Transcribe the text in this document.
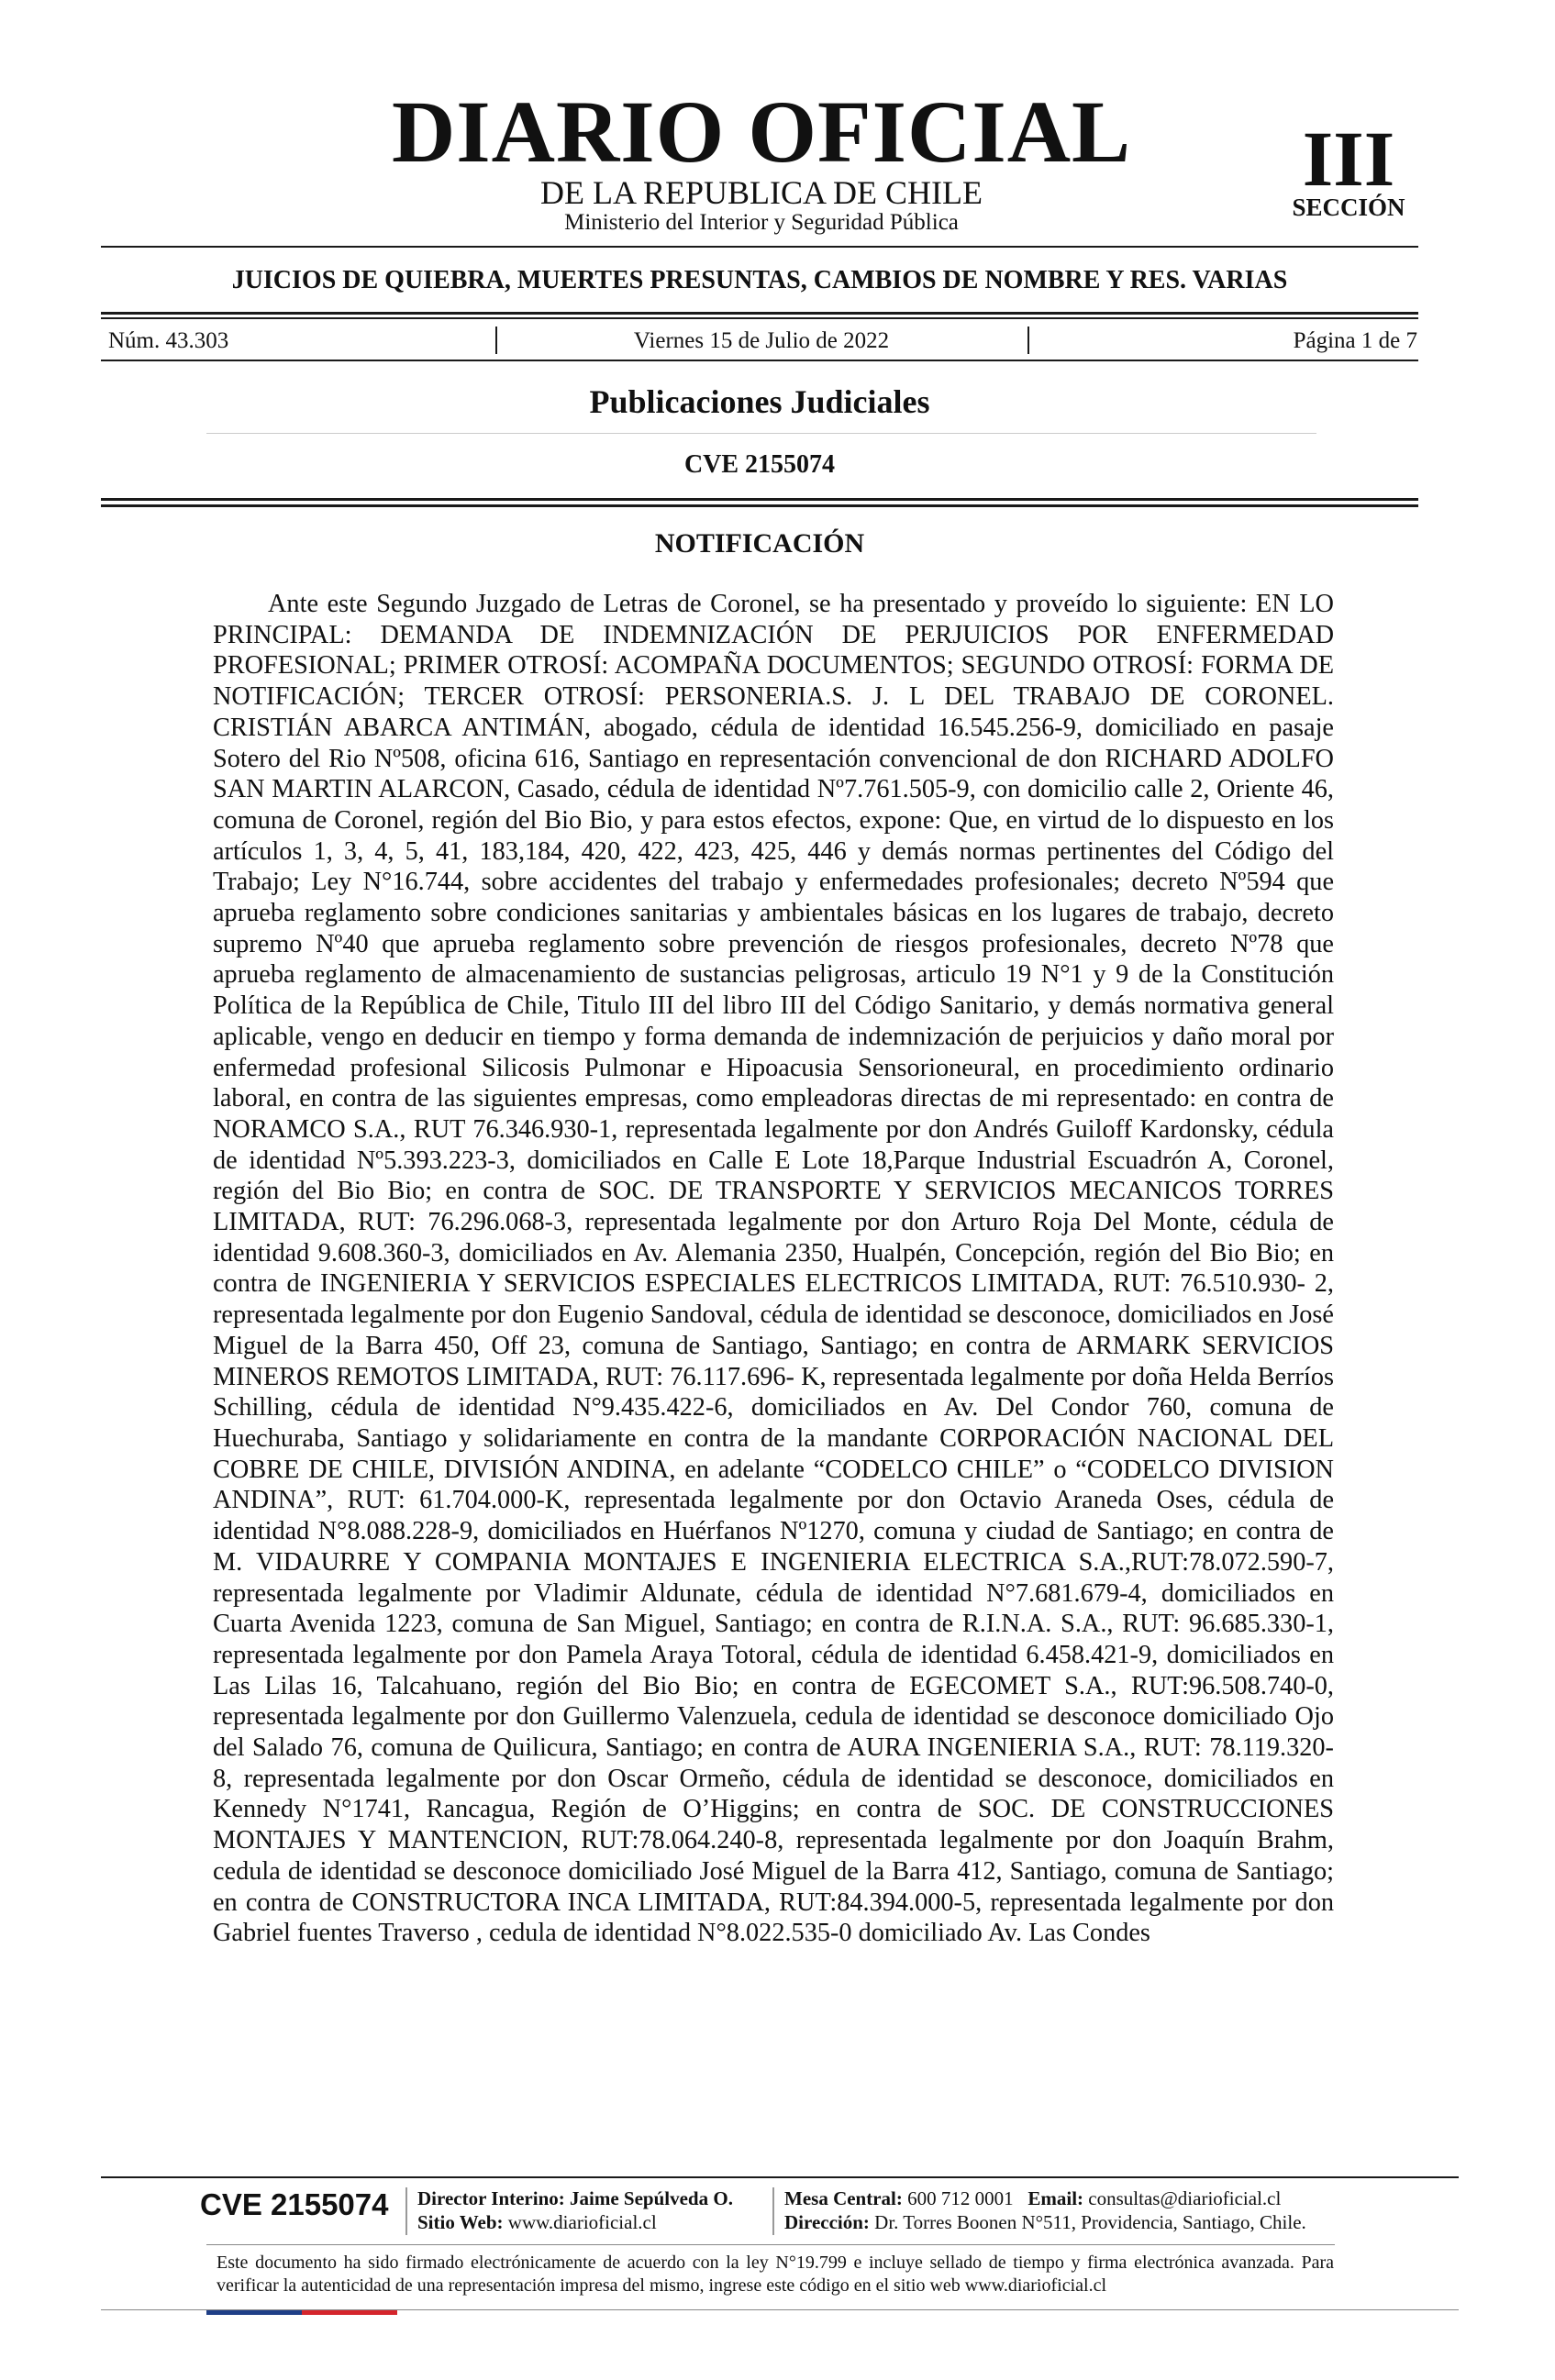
DIARIO OFICIAL
DE LA REPUBLICA DE CHILE
Ministerio del Interior y Seguridad Pública
III
SECCIÓN
JUICIOS DE QUIEBRA, MUERTES PRESUNTAS, CAMBIOS DE NOMBRE Y RES. VARIAS
Núm. 43.303	Viernes 15 de Julio de 2022	Página 1 de 7
Publicaciones Judiciales
CVE 2155074
NOTIFICACIÓN

Ante este Segundo Juzgado de Letras de Coronel, se ha presentado y proveído lo siguiente: EN LO PRINCIPAL: DEMANDA DE INDEMNIZACIÓN DE PERJUICIOS POR ENFERMEDAD PROFESIONAL; PRIMER OTROSÍ: ACOMPAÑA DOCUMENTOS; SEGUNDO OTROSÍ: FORMA DE NOTIFICACIÓN; TERCER OTROSÍ: PERSONERIA.S. J. L DEL TRABAJO DE CORONEL. CRISTIÁN ABARCA ANTIMÁN, abogado, cédula de identidad 16.545.256-9, domiciliado en pasaje Sotero del Rio Nº508, oficina 616, Santiago en representación convencional de don RICHARD ADOLFO SAN MARTIN ALARCON, Casado, cédula de identidad Nº7.761.505-9, con domicilio calle 2, Oriente 46, comuna de Coronel, región del Bio Bio, y para estos efectos, expone: Que, en virtud de lo dispuesto en los artículos 1, 3, 4, 5, 41, 183,184, 420, 422, 423, 425, 446 y demás normas pertinentes del Código del Trabajo; Ley N°16.744, sobre accidentes del trabajo y enfermedades profesionales; decreto Nº594 que aprueba reglamento sobre condiciones sanitarias y ambientales básicas en los lugares de trabajo, decreto supremo Nº40 que aprueba reglamento sobre prevención de riesgos profesionales, decreto Nº78 que aprueba reglamento de almacenamiento de sustancias peligrosas, articulo 19 N°1 y 9 de la Constitución Política de la República de Chile, Titulo III del libro III del Código Sanitario, y demás normativa general aplicable, vengo en deducir en tiempo y forma demanda de indemnización de perjuicios y daño moral por enfermedad profesional Silicosis Pulmonar e Hipoacusia Sensorioneural, en procedimiento ordinario laboral, en contra de las siguientes empresas, como empleadoras directas de mi representado: en contra de NORAMCO S.A., RUT 76.346.930-1, representada legalmente por don Andrés Guiloff Kardonsky, cédula de identidad Nº5.393.223-3, domiciliados en Calle E Lote 18,Parque Industrial Escuadrón A, Coronel, región del Bio Bio; en contra de SOC. DE TRANSPORTE Y SERVICIOS MECANICOS TORRES LIMITADA, RUT: 76.296.068-3, representada legalmente por don Arturo Roja Del Monte, cédula de identidad 9.608.360-3, domiciliados en Av. Alemania 2350, Hualpén, Concepción, región del Bio Bio; en contra de INGENIERIA Y SERVICIOS ESPECIALES ELECTRICOS LIMITADA, RUT: 76.510.930- 2, representada legalmente por don Eugenio Sandoval, cédula de identidad se desconoce, domiciliados en José Miguel de la Barra 450, Off 23, comuna de Santiago, Santiago; en contra de ARMARK SERVICIOS MINEROS REMOTOS LIMITADA, RUT: 76.117.696- K, representada legalmente por doña Helda Berríos Schilling, cédula de identidad N°9.435.422-6, domiciliados en Av. Del Condor 760, comuna de Huechuraba, Santiago y solidariamente en contra de la mandante CORPORACIÓN NACIONAL DEL COBRE DE CHILE, DIVISIÓN ANDINA, en adelante “CODELCO CHILE” o “CODELCO DIVISION ANDINA”, RUT: 61.704.000-K, representada legalmente por don Octavio Araneda Oses, cédula de identidad N°8.088.228-9, domiciliados en Huérfanos Nº1270, comuna y ciudad de Santiago; en contra de M. VIDAURRE Y COMPANIA MONTAJES E INGENIERIA ELECTRICA S.A.,RUT:78.072.590-7, representada legalmente por Vladimir Aldunate, cédula de identidad N°7.681.679-4, domiciliados en Cuarta Avenida 1223, comuna de San Miguel, Santiago; en contra de R.I.N.A. S.A., RUT: 96.685.330-1, representada legalmente por don Pamela Araya Totoral, cédula de identidad 6.458.421-9, domiciliados en Las Lilas 16, Talcahuano, región del Bio Bio; en contra de EGECOMET S.A., RUT:96.508.740-0, representada legalmente por don Guillermo Valenzuela, cedula de identidad se desconoce domiciliado Ojo del Salado 76, comuna de Quilicura, Santiago; en contra de AURA INGENIERIA S.A., RUT: 78.119.320-8, representada legalmente por don Oscar Ormeño, cédula de identidad se desconoce, domiciliados en Kennedy N°1741, Rancagua, Región de O’Higgins; en contra de SOC. DE CONSTRUCCIONES MONTAJES Y MANTENCION, RUT:78.064.240-8, representada legalmente por don Joaquín Brahm, cedula de identidad se desconoce domiciliado José Miguel de la Barra 412, Santiago, comuna de Santiago; en contra de CONSTRUCTORA INCA LIMITADA, RUT:84.394.000-5, representada legalmente por don Gabriel fuentes Traverso , cedula de identidad N°8.022.535-0 domiciliado Av. Las Condes

CVE 2155074 Director Interino: Jaime Sepúlveda O.
Sitio Web: www.diarioficial.cl
Mesa Central: 600 712 0001 Email: consultas@diarioficial.cl
Dirección: Dr. Torres Boonen N°511, Providencia, Santiago, Chile.
Este documento ha sido firmado electrónicamente de acuerdo con la ley N°19.799 e incluye sellado de tiempo y firma electrónica avanzada. Para verificar la autenticidad de una representación impresa del mismo, ingrese este código en el sitio web www.diarioficial.cl
